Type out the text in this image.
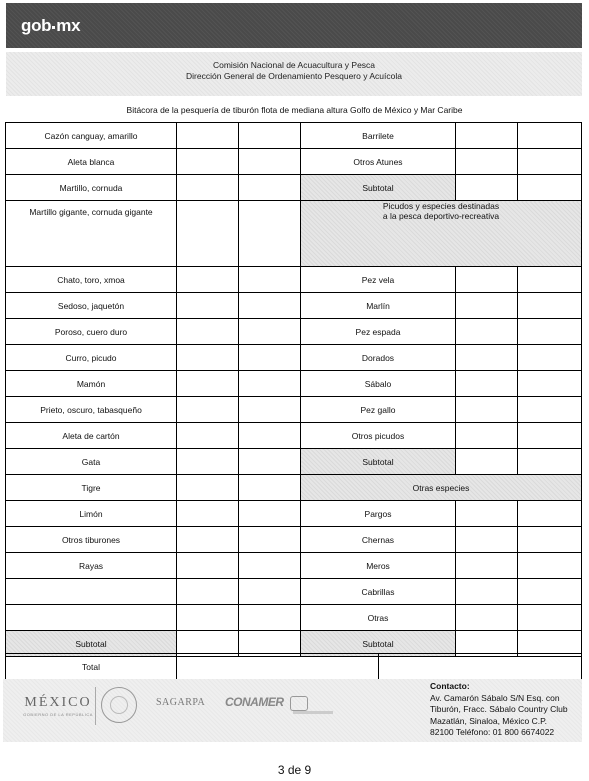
gob mx
Comisión Nacional de Acuacultura y Pesca
Dirección General de Ordenamiento Pesquero y Acuícola
Bitácora de la pesquería de tiburón flota de mediana altura Golfo de México y Mar Caribe
Cazón canguay, amarillo			Barrilete		
Aleta blanca			Otros Atunes		
Martillo, cornuda			Subtotal		
Martillo gigante, cornuda gigante			Picudos y especies destinadas a la pesca deportivo-recreativa		
Chato, toro, xmoa			Pez vela		
Sedoso, jaquetón			Marlín		
Poroso, cuero duro			Pez espada		
Curro, picudo			Dorados		
Mamón			Sábalo		
Prieto, oscuro, tabasqueño			Pez gallo		
Aleta de cartón			Otros picudos		
Gata			Subtotal		
Tigre			Otras especies		
Limón			Pargos		
Otros tiburones			Chernas		
Rayas			Meros		
			Cabrillas		
			Otras		
Subtotal			Subtotal		
Total		
MÉXICO
GOBIERNO DE LA REPÚBLICA
SAGARPA CONAMER
Contacto:
Av. Camarón Sábalo S/N Esq. con
Tiburón, Fracc. Sábalo Country Club
Mazatlán, Sinaloa, México C.P.
82100 Teléfono: 01 800 6674022
3 de 9
